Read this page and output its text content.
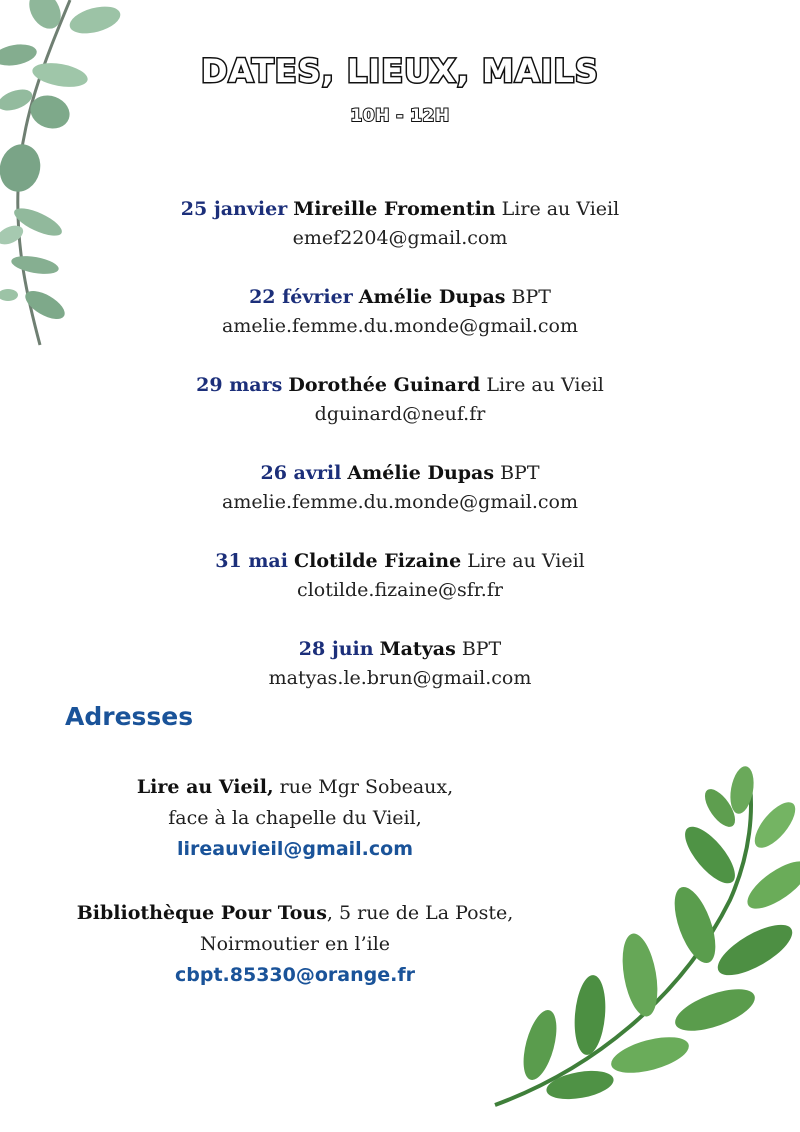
DATES, LIEUX, MAILS

10H - 12H

25 janvier Mireille Fromentin Lire au Vieil
emef2204@gmail.com
22 février Amélie Dupas BPT
amelie.femme.du.monde@gmail.com
29 mars Dorothée Guinard Lire au Vieil
dguinard@neuf.fr
26 avril Amélie Dupas BPT
amelie.femme.du.monde@gmail.com
31 mai Clotilde Fizaine Lire au Vieil
clotilde.fizaine@sfr.fr
28 juin Matyas BPT
matyas.le.brun@gmail.com
Adresses
Lire au Vieil, rue Mgr Sobeaux,
face à la chapelle du Vieil,
lireauvieil@gmail.com
Bibliothèque Pour Tous, 5 rue de La Poste,
Noirmoutier en l’ile
cbpt.85330@orange.fr
